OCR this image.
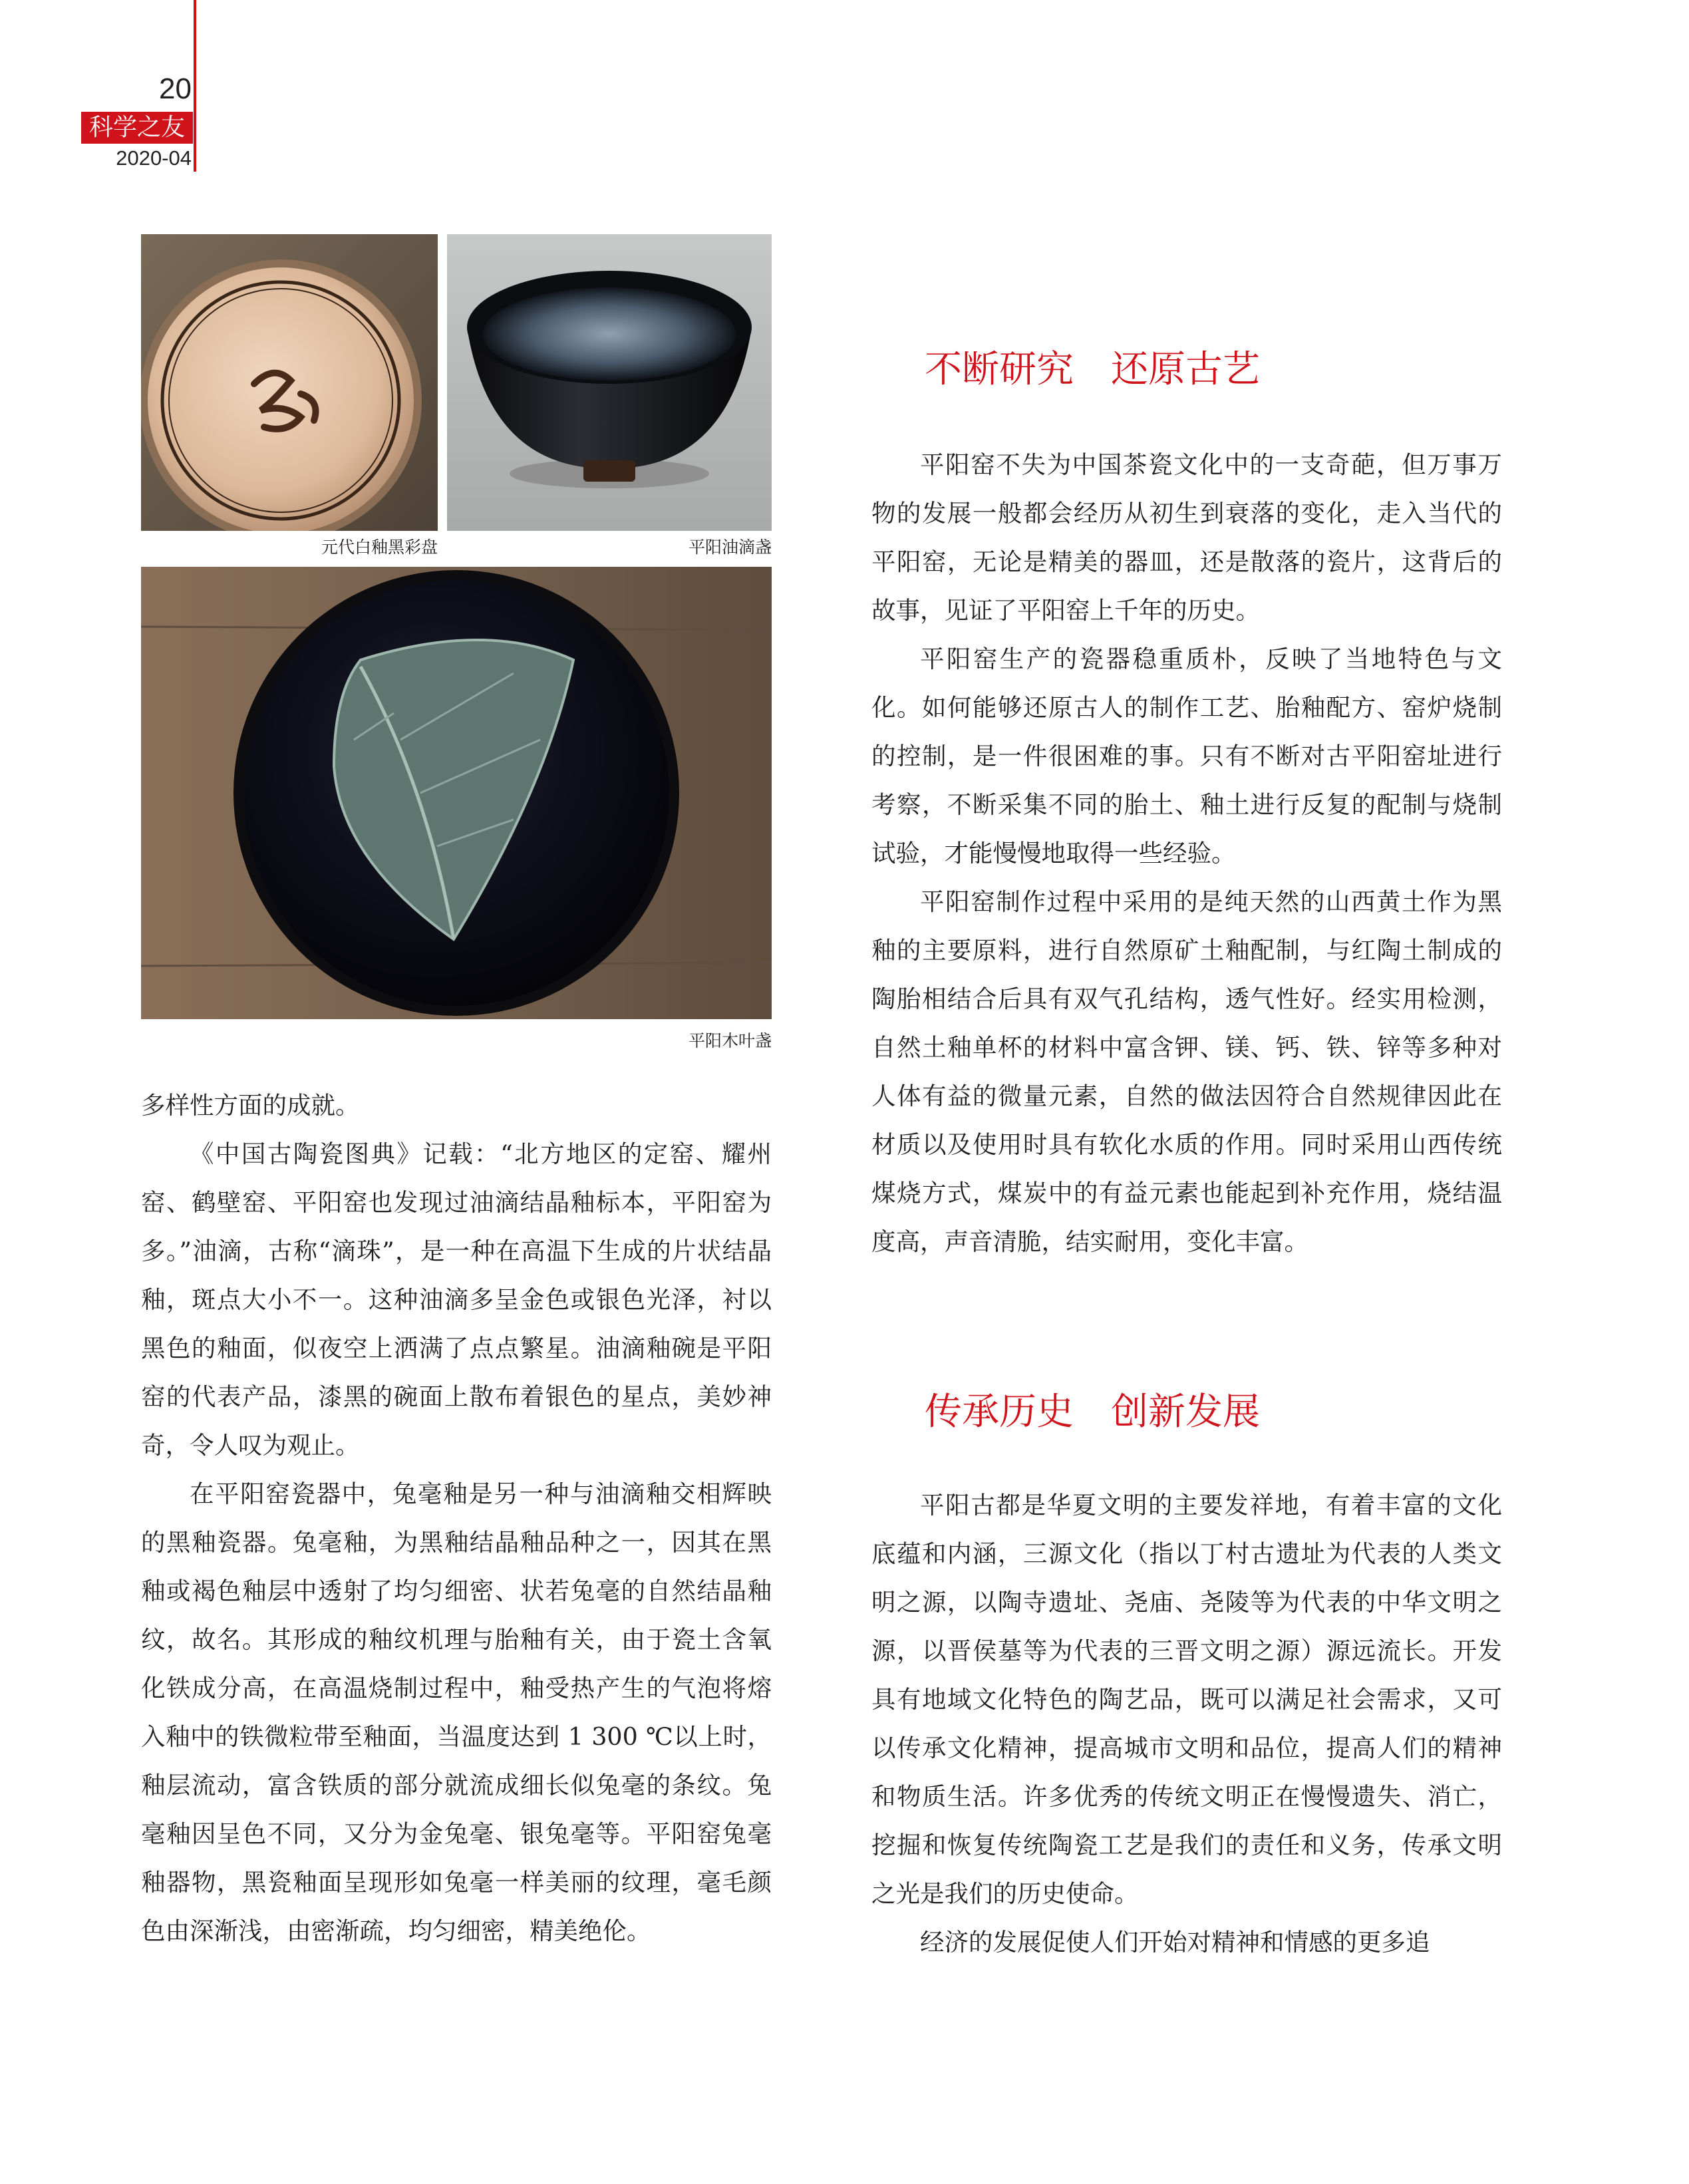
20
科学之友
2020-04
元代白釉黑彩盘	平阳油滴盏
平阳木叶盏

多样性方面的成就。

《中国古陶瓷图典》记载：“北方地区的定窑、耀州窑、鹤壁窑、平阳窑也发现过油滴结晶釉标本，平阳窑为多。”油滴，古称“滴珠”，是一种在高温下生成的片状结晶釉，斑点大小不一。这种油滴多呈金色或银色光泽，衬以黑色的釉面，似夜空上洒满了点点繁星。油滴釉碗是平阳窑的代表产品，漆黑的碗面上散布着银色的星点，美妙神奇，令人叹为观止。

在平阳窑瓷器中，兔毫釉是另一种与油滴釉交相辉映的黑釉瓷器。兔毫釉，为黑釉结晶釉品种之一，因其在黑釉或褐色釉层中透射了均匀细密、状若兔毫的自然结晶釉纹，故名。其形成的釉纹机理与胎釉有关，由于瓷土含氧化铁成分高，在高温烧制过程中，釉受热产生的气泡将熔入釉中的铁微粒带至釉面，当温度达到 1 300 ℃以上时，釉层流动，富含铁质的部分就流成细长似兔毫的条纹。兔毫釉因呈色不同，又分为金兔毫、银兔毫等。平阳窑兔毫釉器物，黑瓷釉面呈现形如兔毫一样美丽的纹理，毫毛颜色由深渐浅，由密渐疏，均匀细密，精美绝伦。

不断研究　还原古艺

平阳窑不失为中国茶瓷文化中的一支奇葩，但万事万物的发展一般都会经历从初生到衰落的变化，走入当代的平阳窑，无论是精美的器皿，还是散落的瓷片，这背后的故事，见证了平阳窑上千年的历史。

平阳窑生产的瓷器稳重质朴，反映了当地特色与文化。如何能够还原古人的制作工艺、胎釉配方、窑炉烧制的控制，是一件很困难的事。只有不断对古平阳窑址进行考察，不断采集不同的胎土、釉土进行反复的配制与烧制试验，才能慢慢地取得一些经验。

平阳窑制作过程中采用的是纯天然的山西黄土作为黑釉的主要原料，进行自然原矿土釉配制，与红陶土制成的陶胎相结合后具有双气孔结构，透气性好。经实用检测，自然土釉单杯的材料中富含钾、镁、钙、铁、锌等多种对人体有益的微量元素，自然的做法因符合自然规律因此在材质以及使用时具有软化水质的作用。同时采用山西传统煤烧方式，煤炭中的有益元素也能起到补充作用，烧结温度高，声音清脆，结实耐用，变化丰富。

传承历史　创新发展

平阳古都是华夏文明的主要发祥地，有着丰富的文化底蕴和内涵，三源文化（指以丁村古遗址为代表的人类文明之源，以陶寺遗址、尧庙、尧陵等为代表的中华文明之源，以晋侯墓等为代表的三晋文明之源）源远流长。开发具有地域文化特色的陶艺品，既可以满足社会需求，又可以传承文化精神，提高城市文明和品位，提高人们的精神和物质生活。许多优秀的传统文明正在慢慢遗失、消亡，挖掘和恢复传统陶瓷工艺是我们的责任和义务，传承文明之光是我们的历史使命。

经济的发展促使人们开始对精神和情感的更多追
